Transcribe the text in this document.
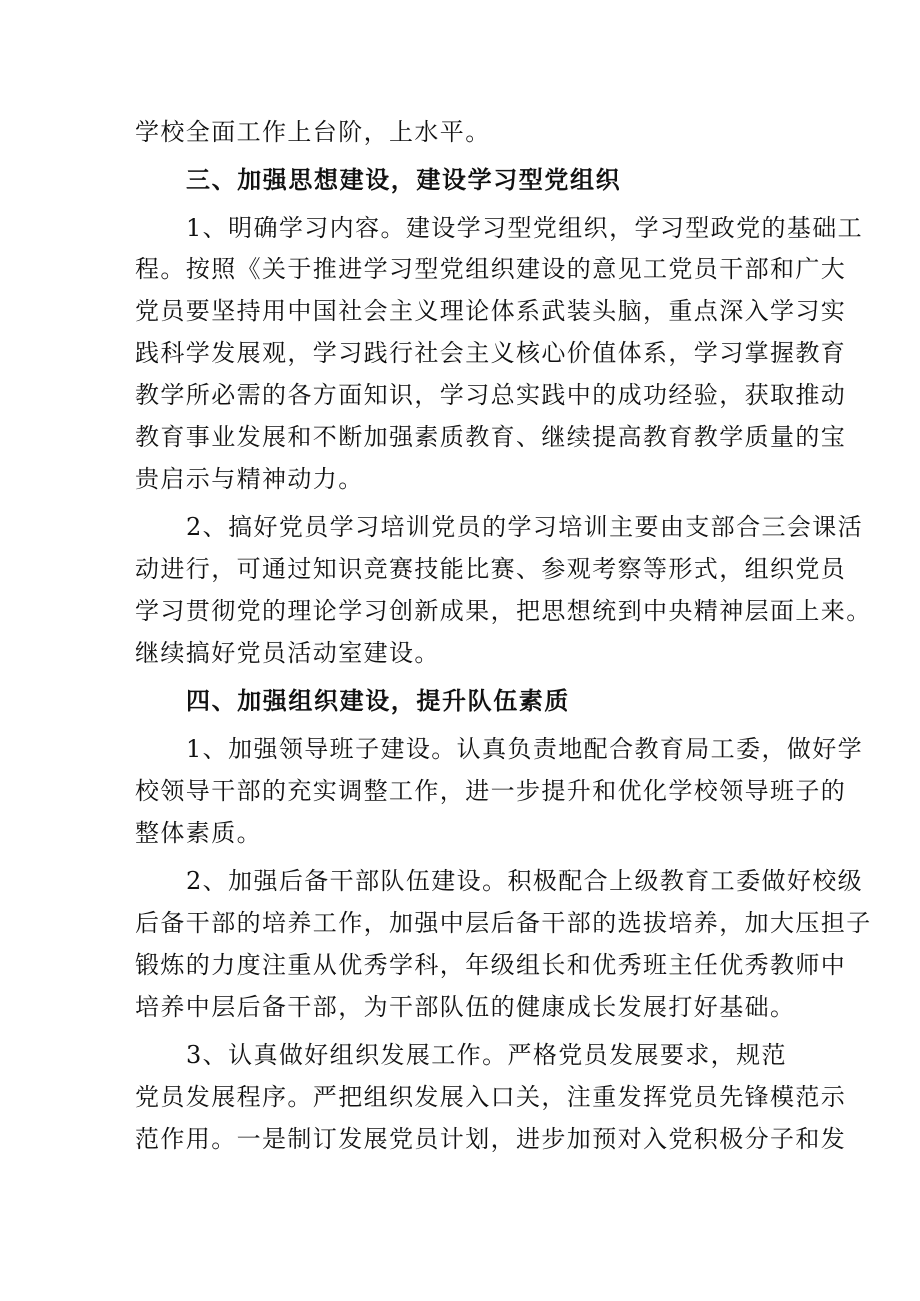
学校全面工作上台阶，上水平。

三、加强思想建设，建设学习型党组织

1、明确学习内容。建设学习型党组织，学习型政党的基础工

程。按照《关于推进学习型党组织建设的意见工党员干部和广大

党员要坚持用中国社会主义理论体系武装头脑，重点深入学习实

践科学发展观，学习践行社会主义核心价值体系，学习掌握教育

教学所必需的各方面知识，学习总实践中的成功经验，获取推动

教育事业发展和不断加强素质教育、继续提高教育教学质量的宝

贵启示与精神动力。

2、搞好党员学习培训党员的学习培训主要由支部合三会课活

动进行，可通过知识竞赛技能比赛、参观考察等形式，组织党员

学习贯彻党的理论学习创新成果，把思想统到中央精神层面上来。

继续搞好党员活动室建设。

四、加强组织建设，提升队伍素质

1、加强领导班子建设。认真负责地配合教育局工委，做好学

校领导干部的充实调整工作，进一步提升和优化学校领导班子的

整体素质。

2、加强后备干部队伍建设。积极配合上级教育工委做好校级

后备干部的培养工作，加强中层后备干部的选拔培养，加大压担子

锻炼的力度注重从优秀学科，年级组长和优秀班主任优秀教师中

培养中层后备干部，为干部队伍的健康成长发展打好基础。

3、认真做好组织发展工作。严格党员发展要求，规范

党员发展程序。严把组织发展入口关，注重发挥党员先锋模范示

范作用。一是制订发展党员计划，进步加预对入党积极分子和发
